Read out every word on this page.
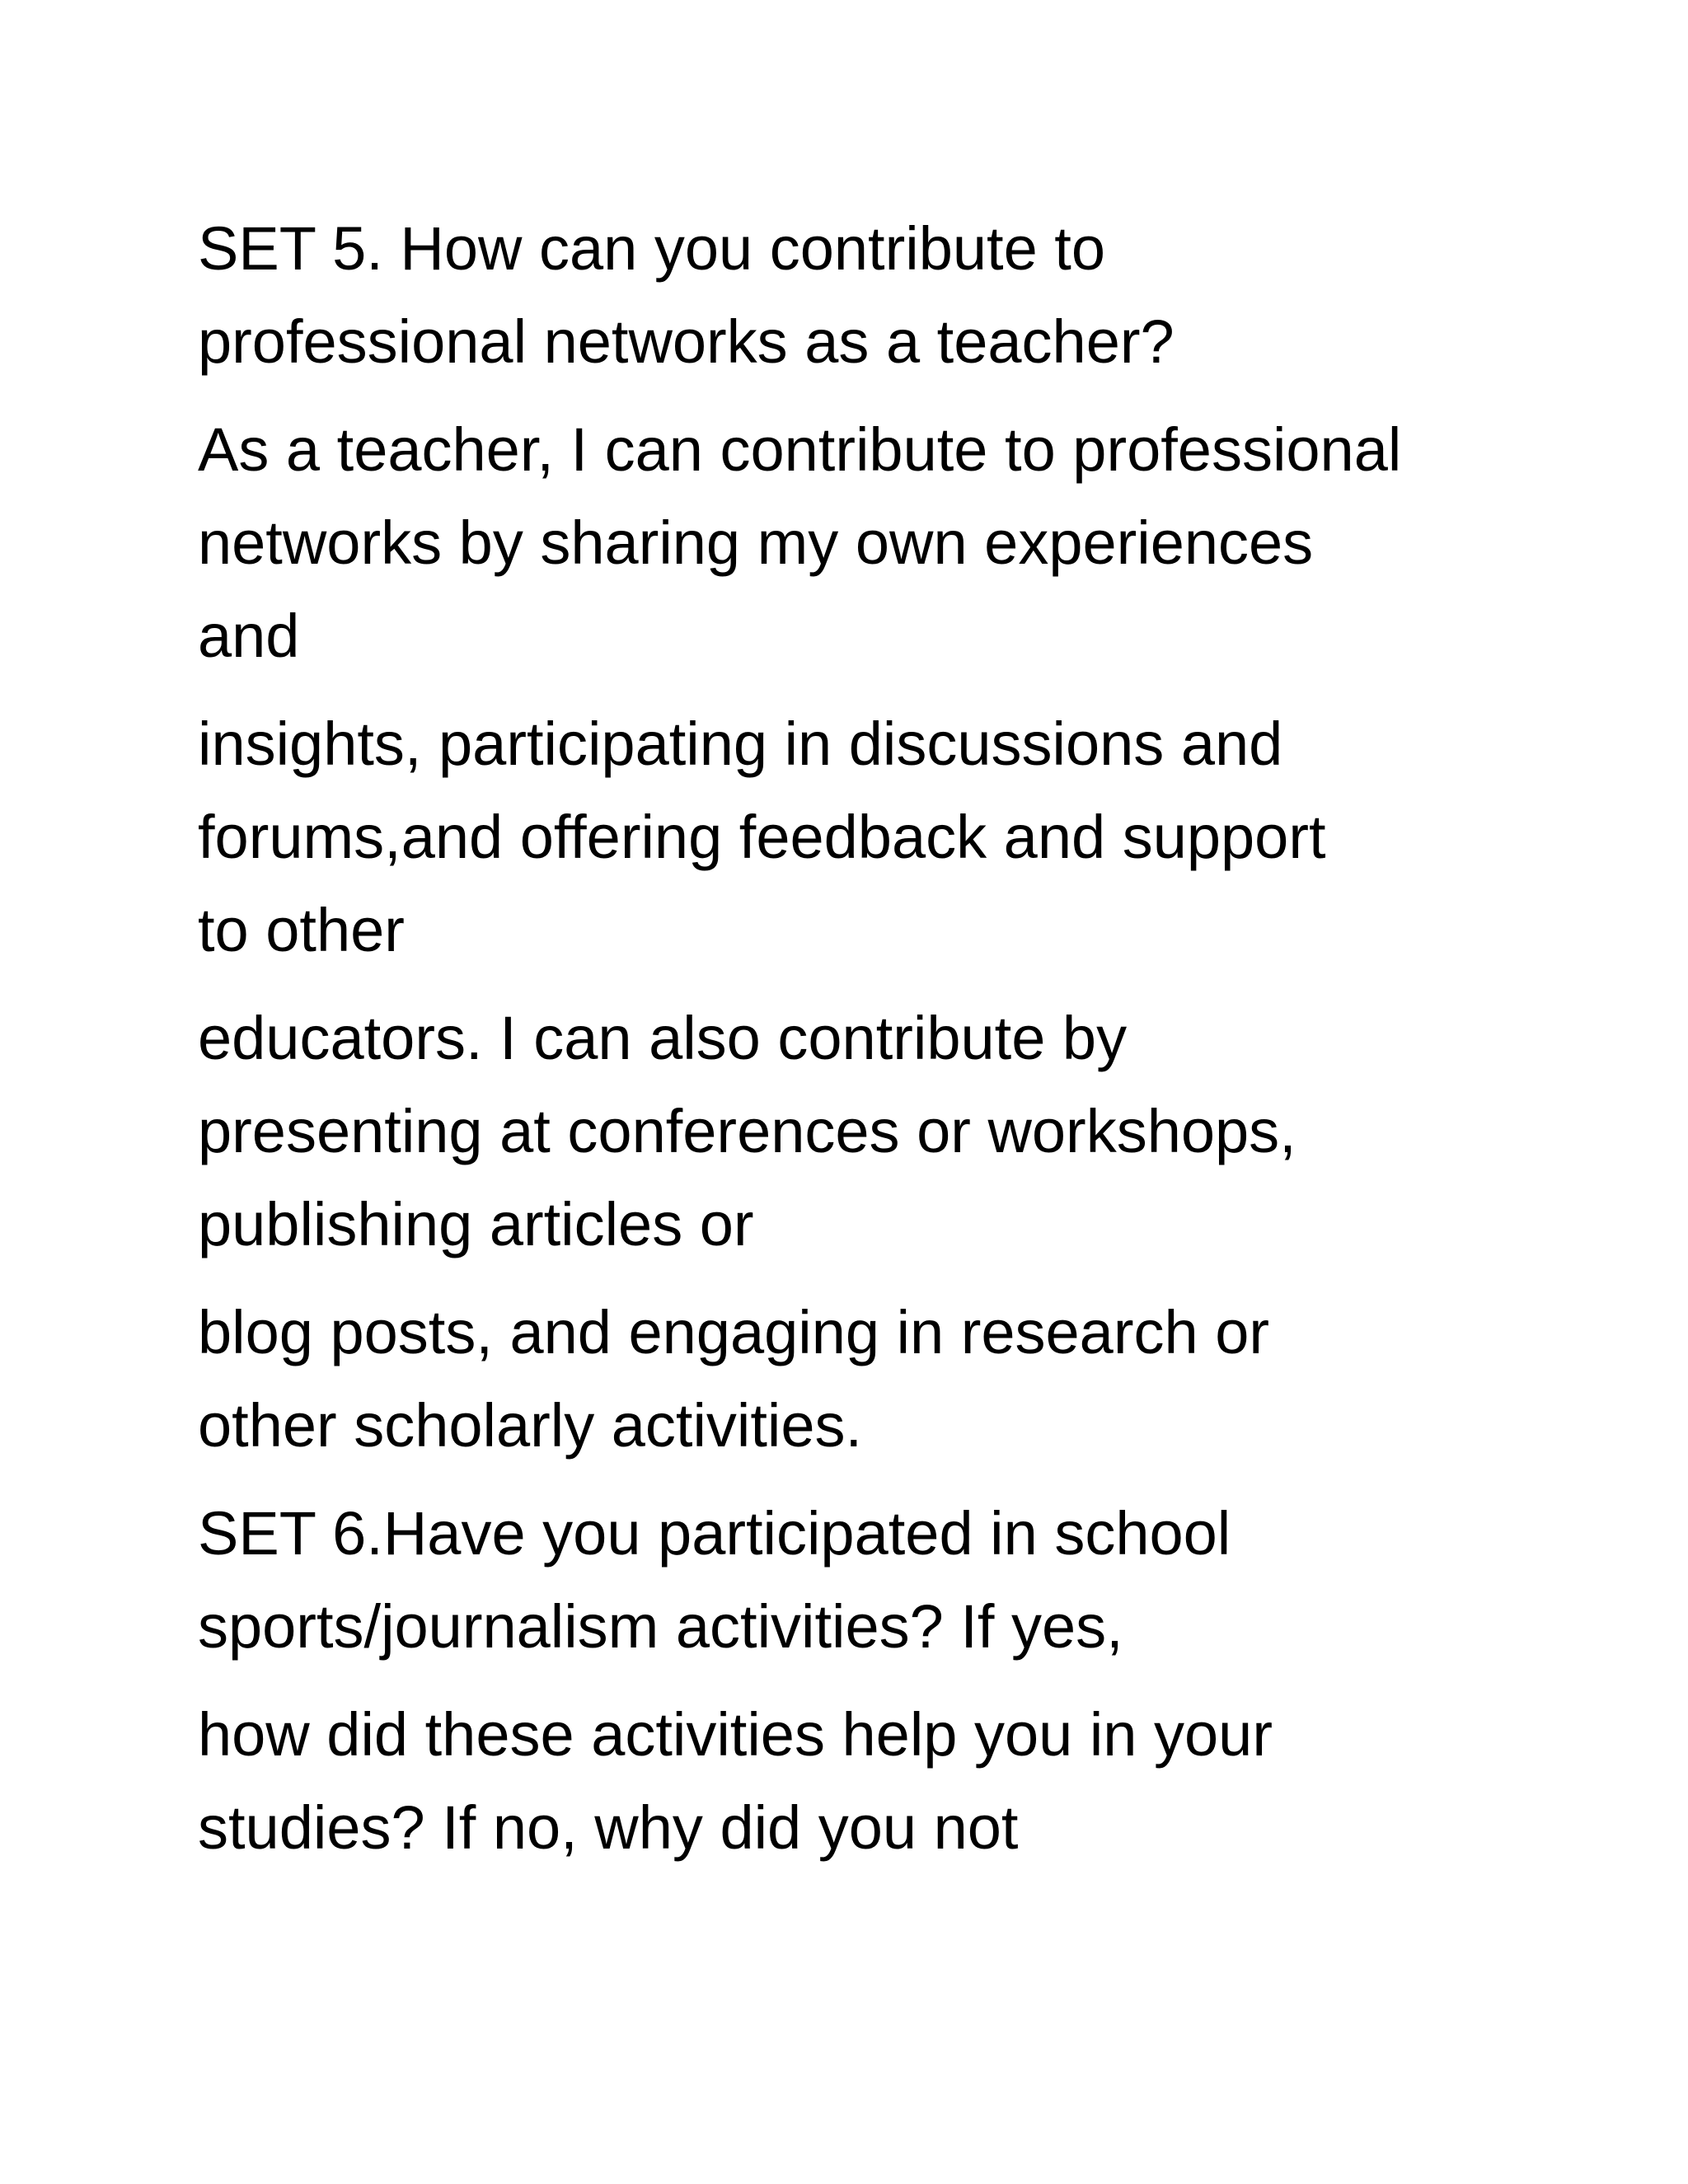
SET 5. How can you contribute to
professional networks as a teacher?

As a teacher, I can contribute to professional
networks by sharing my own experiences
and

insights, participating in discussions and
forums,and offering feedback and support
to other

educators. I can also contribute by
presenting at conferences or workshops,
publishing articles or

blog posts, and engaging in research or
other scholarly activities.

SET 6.Have you participated in school
sports/journalism activities? If yes,

how did these activities help you in your
studies? If no, why did you not
